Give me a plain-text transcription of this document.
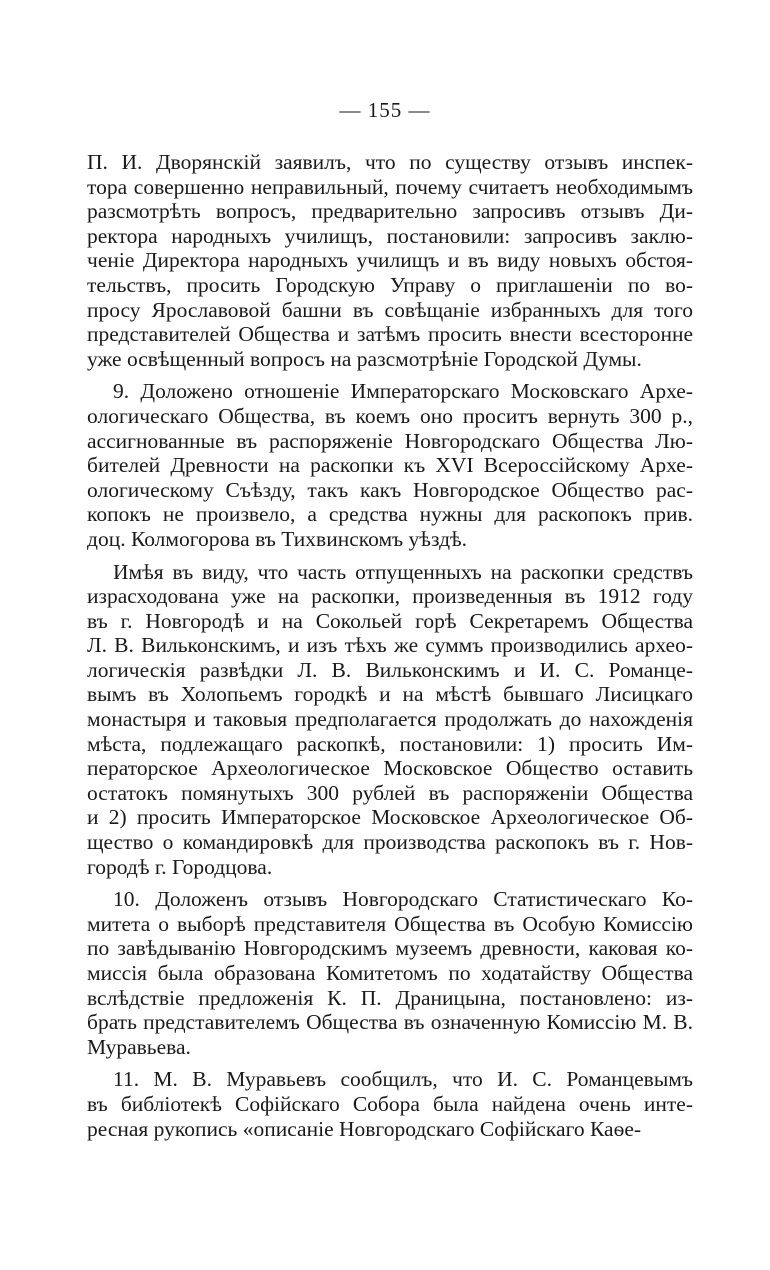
— 155 —
П. И. Дворянскій заявилъ, что по существу отзывъ инспек-
тора совершенно неправильный, почему считаетъ необходимымъ
разсмотрѣть вопросъ, предварительно запросивъ отзывъ Ди-
ректора народныхъ училищъ, постановили: запросивъ заклю-
ченіе Директора народныхъ училищъ и въ виду новыхъ обстоя-
тельствъ, просить Городскую Управу о приглашеніи по во-
просу Ярославовой башни въ совѣщаніе избранныхъ для того
представителей Общества и затѣмъ просить внести всесторонне
уже освѣщенный вопросъ на разсмотрѣніе Городской Думы.
9. Доложено отношеніе Императорскаго Московскаго Архе-
ологическаго Общества, въ коемъ оно проситъ вернуть 300 р.,
ассигнованные въ распоряженіе Новгородскаго Общества Лю-
бителей Древности на раскопки къ XVI Всероссійскому Архе-
ологическому Съѣзду, такъ какъ Новгородское Общество рас-
копокъ не произвело, а средства нужны для раскопокъ прив.
доц. Колмогорова въ Тихвинскомъ уѣздѣ.
Имѣя въ виду, что часть отпущенныхъ на раскопки средствъ
израсходована уже на раскопки, произведенныя въ 1912 году
въ г. Новгородѣ и на Сокольей горѣ Секретаремъ Общества
Л. В. Вильконскимъ, и изъ тѣхъ же суммъ производились архео-
логическія развѣдки Л. В. Вильконскимъ и И. С. Романце-
вымъ въ Холопьемъ городкѣ и на мѣстѣ бывшаго Лисицкаго
монастыря и таковыя предполагается продолжать до нахожденія
мѣста, подлежащаго раскопкѣ, постановили: 1) просить Им-
ператорское Археологическое Московское Общество оставить
остатокъ помянутыхъ 300 рублей въ распоряженіи Общества
и 2) просить Императорское Московское Археологическое Об-
щество о командировкѣ для производства раскопокъ въ г. Нов-
городѣ г. Городцова.
10. Доложенъ отзывъ Новгородскаго Статистическаго Ко-
митета о выборѣ представителя Общества въ Особую Комиссію
по завѣдыванію Новгородскимъ музеемъ древности, каковая ко-
миссія была образована Комитетомъ по ходатайству Общества
вслѣдствіе предложенія К. П. Драницына, постановлено: из-
брать представителемъ Общества въ означенную Комиссію М. В.
Муравьева.
11. М. В. Муравьевъ сообщилъ, что И. С. Романцевымъ
въ библіотекѣ Софійскаго Собора была найдена очень инте-
ресная рукопись «описаніе Новгородскаго Софійскаго Каѳе-
